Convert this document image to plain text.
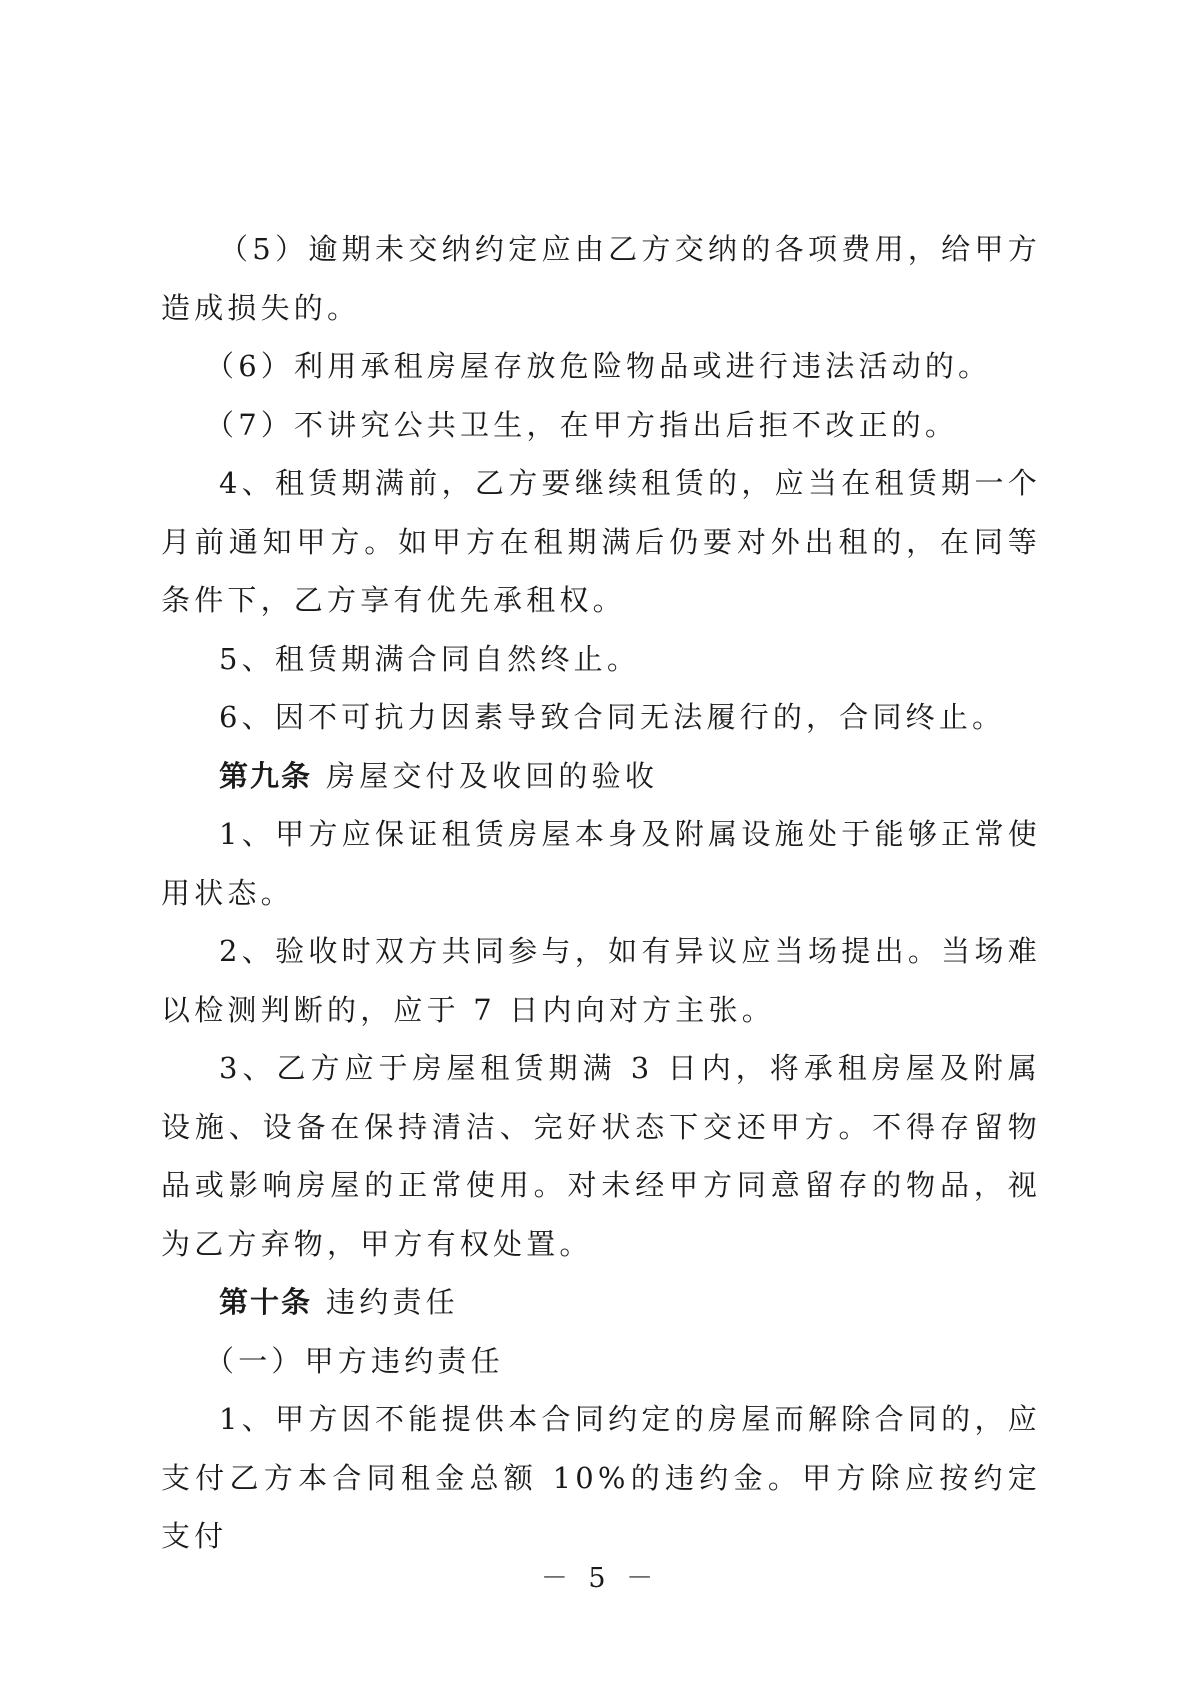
（5）逾期未交纳约定应由乙方交纳的各项费用，给甲方造成损失的。

（6）利用承租房屋存放危险物品或进行违法活动的。

（7）不讲究公共卫生，在甲方指出后拒不改正的。

4、租赁期满前，乙方要继续租赁的，应当在租赁期一个月前通知甲方。如甲方在租期满后仍要对外出租的，在同等条件下，乙方享有优先承租权。

5、租赁期满合同自然终止。

6、因不可抗力因素导致合同无法履行的，合同终止。

第九条 房屋交付及收回的验收

1、甲方应保证租赁房屋本身及附属设施处于能够正常使用状态。

2、验收时双方共同参与，如有异议应当场提出。当场难以检测判断的，应于 7 日内向对方主张。

3、乙方应于房屋租赁期满 3 日内，将承租房屋及附属设施、设备在保持清洁、完好状态下交还甲方。不得存留物品或影响房屋的正常使用。对未经甲方同意留存的物品，视为乙方弃物，甲方有权处置。

第十条 违约责任

（一）甲方违约责任

1、甲方因不能提供本合同约定的房屋而解除合同的，应支付乙方本合同租金总额 10%的违约金。甲方除应按约定支付

－ 5 －
